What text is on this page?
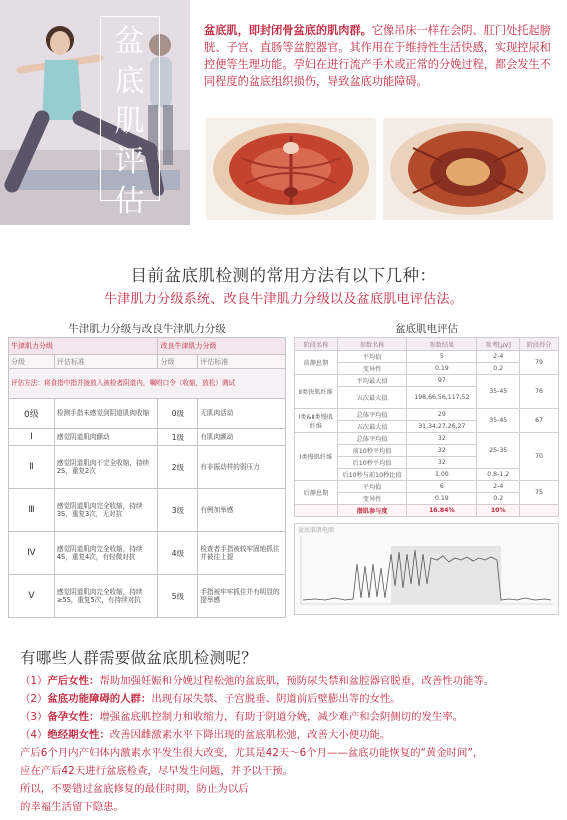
盆底肌评估
盆底肌，即封闭骨盆底的肌肉群。它像吊床一样在会阴、肛门处托起膀胱、子宫、直肠等盆腔器官。其作用在于维持性生活快感，实现控尿和控便等生理功能。孕妇在进行流产手术或正常的分娩过程，都会发生不同程度的盆底组织损伤，导致盆底功能障碍。
目前盆底肌检测的常用方法有以下几种：
牛津肌力分级系统、改良牛津肌力分级以及盆底肌电评估法。
牛津肌力分级与改良牛津肌力分级
牛津肌力分级		改良牛津肌力分级	
分级	评估标准	分级	评估标准
评估方法：将食指中指并拢放入被检者阴道内，嘱咐口令（收缩，放松）测试			
0级	检测手指未感觉到阴道肌肉收缩	0级	无肌肉活动
Ⅰ	感觉阴道肌肉颤动	1级	有肌肉颤动
Ⅱ	感觉阴道肌肉不完全收缩，持续2S，重复2次	2级	有非振动样的弱压力
Ⅲ	感觉阴道肌肉完全收缩，持续3S，重复3次，无对抗	3级	有例加举感
Ⅳ	感觉阴道肌肉完全收缩，持续4S，重复4次，有轻微对抗	4级	检查者手指被较牢固地抓住并被往上提
Ⅴ	感觉阴道肌肉完全收缩，持续≥5S，重复5次，有持续对抗	5级	手指被牢牢抓住并有明显的提举感
盆底肌电评估
阶段名称	参数名称	参数结果	参考[μV]	阶段得分
前静息期	平均值	5	2-4	79
	变异性	0.19	0.2	
Ⅱ类快肌纤维	平均最大值	97	35-45	76
	五次最大值	198,66,56,117,52		
Ⅰ类&Ⅱ类慢肌纤维	总体平均值	29	35-45	67
	五次最大值	31,34,27,26,27		
Ⅰ类慢肌纤维	总体平均值	32	25-35	70
	前10秒平均值	32		
	后10秒平均值	32		
	后10秒与前10秒比值	1.00	0.8-1.2	
后静息期	平均值	6	2-4	75
	变异性	0.19	0.2	
	潜肌参与度	16.84%	10%	
盆底肌肌电图
有哪些人群需要做盆底肌检测呢？
（1）产后女性：帮助加强妊娠和分娩过程松弛的盆底肌，预防尿失禁和盆腔器官脱垂，改善性功能等。
（2）盆底功能障碍的人群：出现有尿失禁、子宫脱垂、阴道前后壁膨出等的女性。
（3）备孕女性：增强盆底肌控制力和收缩力，有助于阴道分娩，减少难产和会阴侧切的发生率。
（4）绝经期女性：改善因雌激素水平下降出现的盆底肌松弛，改善大小便功能。
产后6个月内产妇体内激素水平发生很大改变，尤其是42天～6个月——盆底功能恢复的“黄金时间”，
应在产后42天进行盆底检查，尽早发生问题，并予以干预。
所以，不要错过盆底修复的最佳时期，防止为以后
的幸福生活留下隐患。
